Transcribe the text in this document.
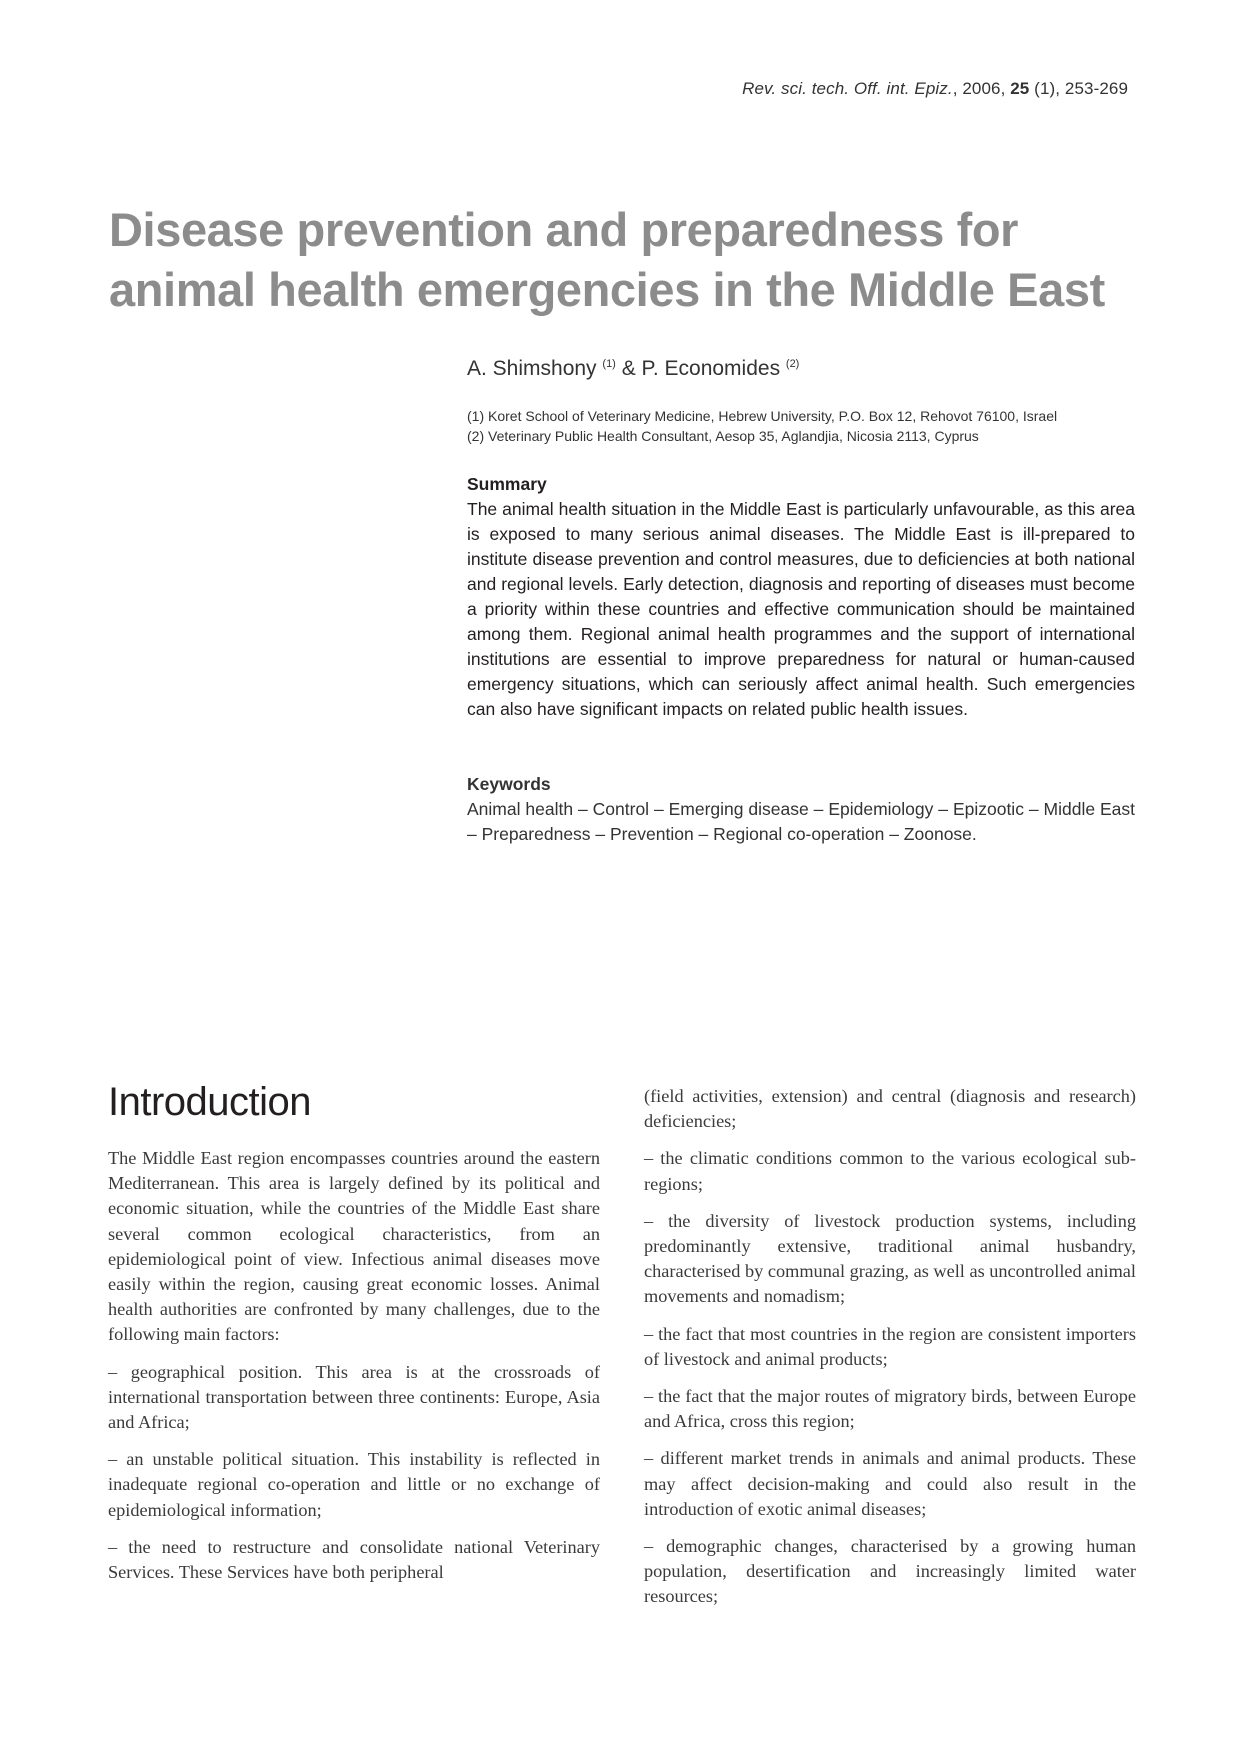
Rev. sci. tech. Off. int. Epiz., 2006, 25 (1), 253-269
Disease prevention and preparedness for animal health emergencies in the Middle East
A. Shimshony $^{(1)}$ & P. Economides $^{(2)}$
(1) Koret School of Veterinary Medicine, Hebrew University, P.O. Box 12, Rehovot 76100, Israel
(2) Veterinary Public Health Consultant, Aesop 35, Aglandjia, Nicosia 2113, Cyprus
Summary

The animal health situation in the Middle East is particularly unfavourable, as this area is exposed to many serious animal diseases. The Middle East is ill-prepared to institute disease prevention and control measures, due to deficiencies at both national and regional levels. Early detection, diagnosis and reporting of diseases must become a priority within these countries and effective communication should be maintained among them. Regional animal health programmes and the support of international institutions are essential to improve preparedness for natural or human-caused emergency situations, which can seriously affect animal health. Such emergencies can also have significant impacts on related public health issues.

Keywords

Animal health – Control – Emerging disease – Epidemiology – Epizootic – Middle East – Preparedness – Prevention – Regional co-operation – Zoonose.

Introduction

The Middle East region encompasses countries around the eastern Mediterranean. This area is largely defined by its political and economic situation, while the countries of the Middle East share several common ecological characteristics, from an epidemiological point of view. Infectious animal diseases move easily within the region, causing great economic losses. Animal health authorities are confronted by many challenges, due to the following main factors:

– geographical position. This area is at the crossroads of international transportation between three continents: Europe, Asia and Africa;

– an unstable political situation. This instability is reflected in inadequate regional co-operation and little or no exchange of epidemiological information;

– the need to restructure and consolidate national Veterinary Services. These Services have both peripheral

(field activities, extension) and central (diagnosis and research) deficiencies;

– the climatic conditions common to the various ecological sub-regions;

– the diversity of livestock production systems, including predominantly extensive, traditional animal husbandry, characterised by communal grazing, as well as uncontrolled animal movements and nomadism;

– the fact that most countries in the region are consistent importers of livestock and animal products;

– the fact that the major routes of migratory birds, between Europe and Africa, cross this region;

– different market trends in animals and animal products. These may affect decision-making and could also result in the introduction of exotic animal diseases;

– demographic changes, characterised by a growing human population, desertification and increasingly limited water resources;
